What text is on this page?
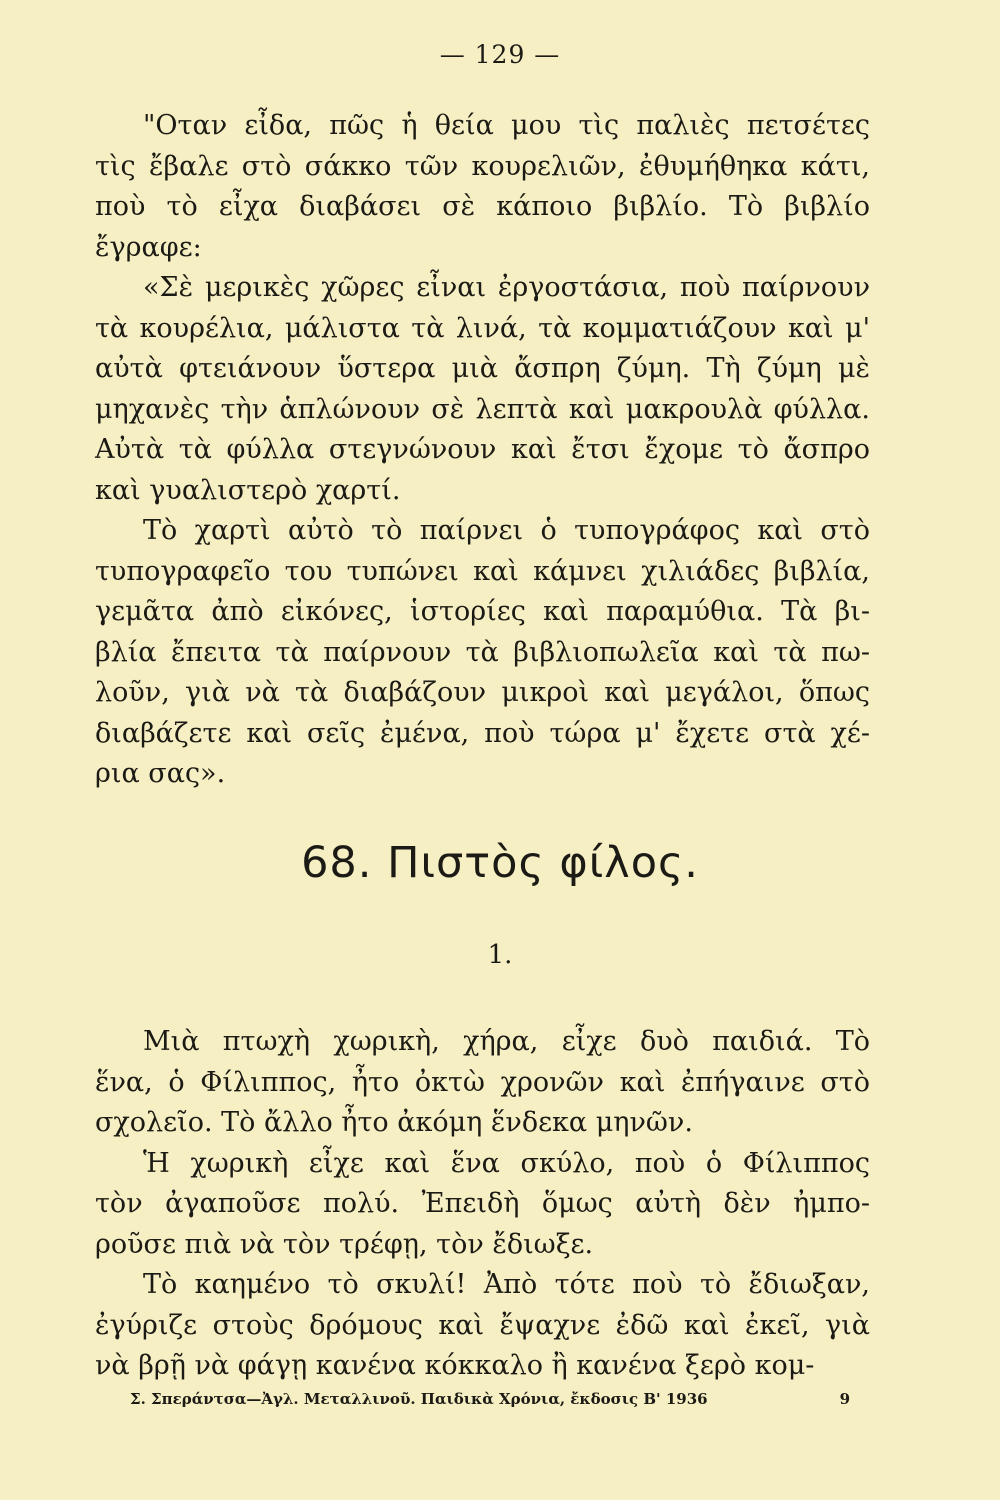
— 129 —
"Οταν εἶδα, πῶς ἡ θεία μου τὶς παλιὲς πετσέτες
τὶς ἔβαλε στὸ σάκκο τῶν κουρελιῶν, ἐθυμήθηκα κάτι,
ποὺ τὸ εἶχα διαβάσει σὲ κάποιο βιβλίο. Τὸ βιβλίο
ἔγραφε:
«Σὲ μερικὲς χῶρες εἶναι ἐργοστάσια, ποὺ παίρνουν
τὰ κουρέλια, μάλιστα τὰ λινά, τὰ κομματιάζουν καὶ μ'
αὐτὰ φτειάνουν ὕστερα μιὰ ἄσπρη ζύμη. Τὴ ζύμη μὲ
μηχανὲς τὴν ἁπλώνουν σὲ λεπτὰ καὶ μακρουλὰ φύλλα.
Αὐτὰ τὰ φύλλα στεγνώνουν καὶ ἔτσι ἔχομε τὸ ἄσπρο
καὶ γυαλιστερὸ χαρτί.
Τὸ χαρτὶ αὐτὸ τὸ παίρνει ὁ τυπογράφος καὶ στὸ
τυπογραφεῖο του τυπώνει καὶ κάμνει χιλιάδες βιβλία,
γεμᾶτα ἀπὸ εἰκόνες, ἱστορίες καὶ παραμύθια. Τὰ βι-
βλία ἔπειτα τὰ παίρνουν τὰ βιβλιοπωλεῖα καὶ τὰ πω-
λοῦν, γιὰ νὰ τὰ διαβάζουν μικροὶ καὶ μεγάλοι, ὅπως
διαβάζετε καὶ σεῖς ἐμένα, ποὺ τώρα μ' ἔχετε στὰ χέ-
ρια σας».
68. Πιστὸς φίλος.
1.
Μιὰ πτωχὴ χωρικὴ, χήρα, εἶχε δυὸ παιδιά. Τὸ
ἕνα, ὁ Φίλιππος, ἦτο ὀκτὼ χρονῶν καὶ ἐπήγαινε στὸ
σχολεῖο. Τὸ ἄλλο ἦτο ἀκόμη ἕνδεκα μηνῶν.
Ἡ χωρικὴ εἶχε καὶ ἕνα σκύλο, ποὺ ὁ Φίλιππος
τὸν ἀγαποῦσε πολύ. Ἐπειδὴ ὅμως αὐτὴ δὲν ἠμπο-
ροῦσε πιὰ νὰ τὸν τρέφῃ, τὸν ἔδιωξε.
Τὸ καημένο τὸ σκυλί! Ἀπὸ τότε ποὺ τὸ ἔδιωξαν,
ἐγύριζε στοὺς δρόμους καὶ ἔψαχνε ἐδῶ καὶ ἐκεῖ, γιὰ
νὰ βρῇ νὰ φάγῃ κανένα κόκκαλο ἢ κανένα ξερὸ κομ-
Σ. Σπεράντσα—Ἀγλ. Μεταλλινοῦ. Παιδικὰ Χρόνια, ἔκδοσις Β' 1936	9
